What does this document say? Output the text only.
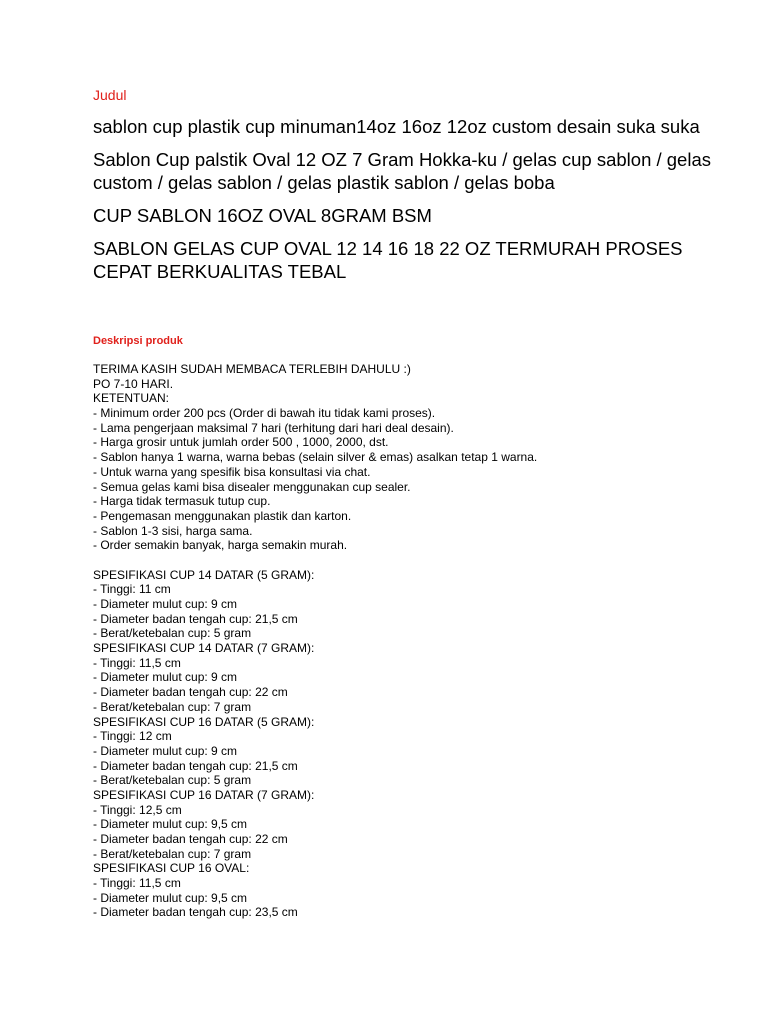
Judul
sablon cup plastik cup minuman14oz 16oz 12oz custom desain suka suka
Sablon Cup palstik Oval 12 OZ 7 Gram Hokka-ku / gelas cup sablon / gelas custom / gelas sablon / gelas plastik sablon / gelas boba
CUP SABLON 16OZ OVAL 8GRAM BSM
SABLON GELAS CUP OVAL 12 14 16 18 22 OZ TERMURAH PROSES CEPAT BERKUALITAS TEBAL
Deskripsi produk
TERIMA KASIH SUDAH MEMBACA TERLEBIH DAHULU :)
PO 7-10 HARI.
KETENTUAN:
- Minimum order 200 pcs (Order di bawah itu tidak kami proses).
- Lama pengerjaan maksimal 7 hari (terhitung dari hari deal desain).
- Harga grosir untuk jumlah order 500 , 1000, 2000, dst.
- Sablon hanya 1 warna, warna bebas (selain silver & emas) asalkan tetap 1 warna.
- Untuk warna yang spesifik bisa konsultasi via chat.
- Semua gelas kami bisa disealer menggunakan cup sealer.
- Harga tidak termasuk tutup cup.
- Pengemasan menggunakan plastik dan karton.
- Sablon 1-3 sisi, harga sama.
- Order semakin banyak, harga semakin murah.
SPESIFIKASI CUP 14 DATAR (5 GRAM):
- Tinggi: 11 cm
- Diameter mulut cup: 9 cm
- Diameter badan tengah cup: 21,5 cm
- Berat/ketebalan cup: 5 gram
SPESIFIKASI CUP 14 DATAR (7 GRAM):
- Tinggi: 11,5 cm
- Diameter mulut cup: 9 cm
- Diameter badan tengah cup: 22 cm
- Berat/ketebalan cup: 7 gram
SPESIFIKASI CUP 16 DATAR (5 GRAM):
- Tinggi: 12 cm
- Diameter mulut cup: 9 cm
- Diameter badan tengah cup: 21,5 cm
- Berat/ketebalan cup: 5 gram
SPESIFIKASI CUP 16 DATAR (7 GRAM):
- Tinggi: 12,5 cm
- Diameter mulut cup: 9,5 cm
- Diameter badan tengah cup: 22 cm
- Berat/ketebalan cup: 7 gram
SPESIFIKASI CUP 16 OVAL:
- Tinggi: 11,5 cm
- Diameter mulut cup: 9,5 cm
- Diameter badan tengah cup: 23,5 cm
